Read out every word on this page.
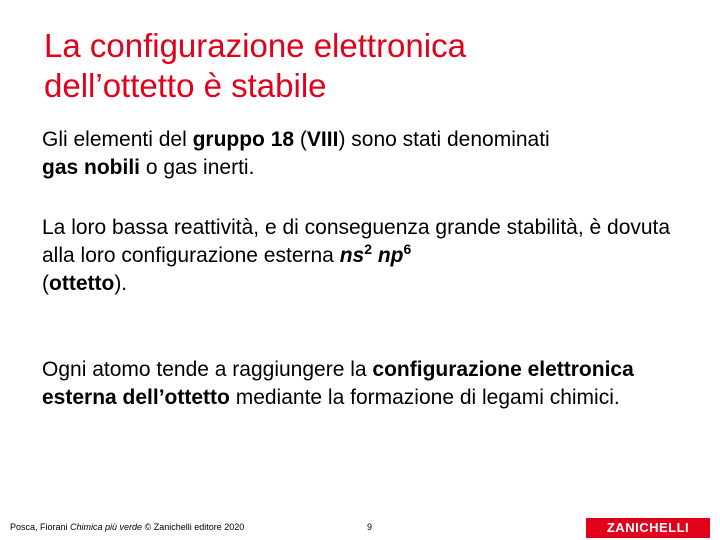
La configurazione elettronica
dell’ottetto è stabile
Gli elementi del gruppo 18 (VIII) sono stati denominati
gas nobili o gas inerti.
La loro bassa reattività, e di conseguenza grande stabilità, è dovuta alla loro configurazione esterna $ns^2$ $np^6$
(ottetto).
Ogni atomo tende a raggiungere la configurazione elettronica esterna dell’ottetto mediante la formazione di legami chimici.
Posca, Fiorani Chimica più verde © Zanichelli editore 2020	9	ZANICHELLI
